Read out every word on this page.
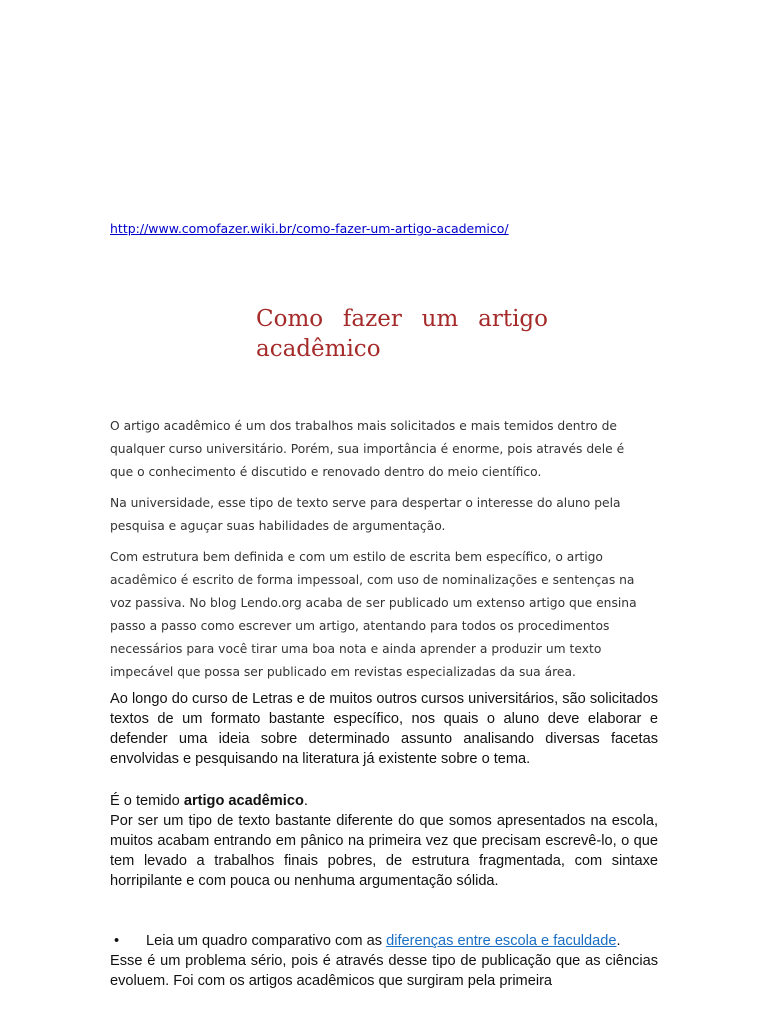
http://www.comofazer.wiki.br/como-fazer-um-artigo-academico/
Como fazer um artigo
acadêmico

O artigo acadêmico é um dos trabalhos mais solicitados e mais temidos dentro de qualquer curso universitário. Porém, sua importância é enorme, pois através dele é que o conhecimento é discutido e renovado dentro do meio científico.

Na universidade, esse tipo de texto serve para despertar o interesse do aluno pela pesquisa e aguçar suas habilidades de argumentação.

Com estrutura bem definida e com um estilo de escrita bem específico, o artigo acadêmico é escrito de forma impessoal, com uso de nominalizações e sentenças na voz passiva. No blog Lendo.org acaba de ser publicado um extenso artigo que ensina passo a passo como escrever um artigo, atentando para todos os procedimentos necessários para você tirar uma boa nota e ainda aprender a produzir um texto impecável que possa ser publicado em revistas especializadas da sua área.

Ao longo do curso de Letras e de muitos outros cursos universitários, são solicitados textos de um formato bastante específico, nos quais o aluno deve elaborar e defender uma ideia sobre determinado assunto analisando diversas facetas envolvidas e pesquisando na literatura já existente sobre o tema.

É o temido artigo acadêmico.

Por ser um tipo de texto bastante diferente do que somos apresentados na escola, muitos acabam entrando em pânico na primeira vez que precisam escrevê-lo, o que tem levado a trabalhos finais pobres, de estrutura fragmentada, com sintaxe horripilante e com pouca ou nenhuma argumentação sólida.

• Leia um quadro comparativo com as diferenças entre escola e faculdade.

Esse é um problema sério, pois é através desse tipo de publicação que as ciências evoluem. Foi com os artigos acadêmicos que surgiram pela primeira
